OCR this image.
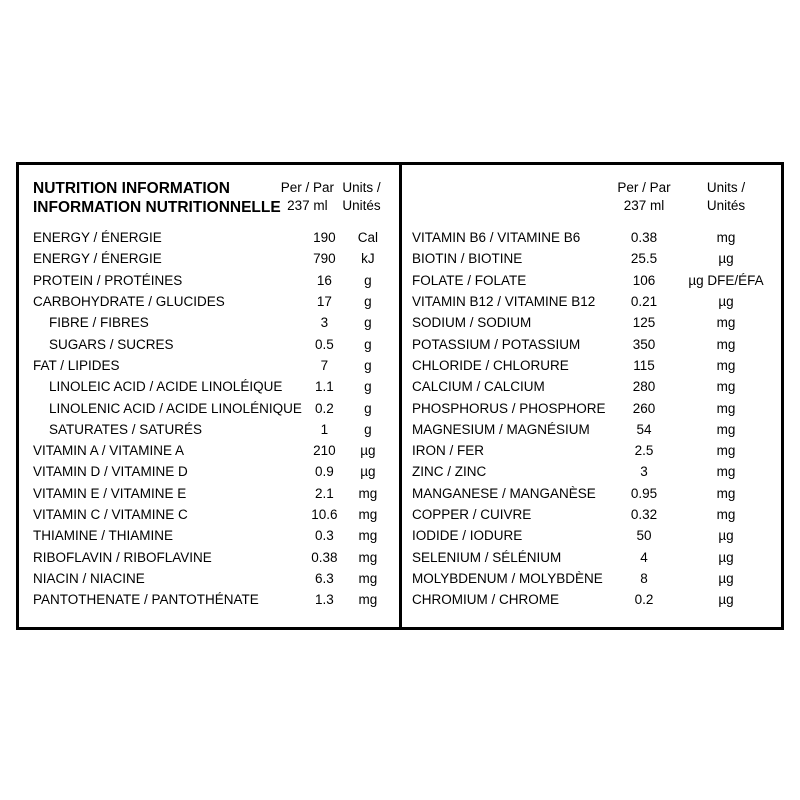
NUTRITION INFORMATION
INFORMATION NUTRITIONNELLE
Per / Par
237 ml
Units /
Unités
ENERGY / ÉNERGIE	190	Cal
ENERGY / ÉNERGIE	790	kJ
PROTEIN / PROTÉINES	16	g
CARBOHYDRATE / GLUCIDES	17	g
FIBRE / FIBRES	3	g
SUGARS / SUCRES	0.5	g
FAT / LIPIDES	7	g
LINOLEIC ACID / ACIDE LINOLÉIQUE	1.1	g
LINOLENIC ACID / ACIDE LINOLÉNIQUE	0.2	g
SATURATES / SATURÉS	1	g
VITAMIN A / VITAMINE A	210	µg
VITAMIN D / VITAMINE D	0.9	µg
VITAMIN E / VITAMINE E	2.1	mg
VITAMIN C / VITAMINE C	10.6	mg
THIAMINE / THIAMINE	0.3	mg
RIBOFLAVIN / RIBOFLAVINE	0.38	mg
NIACIN / NIACINE	6.3	mg
PANTOTHENATE / PANTOTHÉNATE	1.3	mg
Per / Par
237 ml
Units /
Unités
VITAMIN B6 / VITAMINE B6	0.38	mg
BIOTIN / BIOTINE	25.5	µg
FOLATE / FOLATE	106	µg DFE/ÉFA
VITAMIN B12 / VITAMINE B12	0.21	µg
SODIUM / SODIUM	125	mg
POTASSIUM / POTASSIUM	350	mg
CHLORIDE / CHLORURE	115	mg
CALCIUM / CALCIUM	280	mg
PHOSPHORUS / PHOSPHORE	260	mg
MAGNESIUM / MAGNÉSIUM	54	mg
IRON / FER	2.5	mg
ZINC / ZINC	3	mg
MANGANESE / MANGANÈSE	0.95	mg
COPPER / CUIVRE	0.32	mg
IODIDE / IODURE	50	µg
SELENIUM / SÉLÉNIUM	4	µg
MOLYBDENUM / MOLYBDÈNE	8	µg
CHROMIUM / CHROME	0.2	µg
